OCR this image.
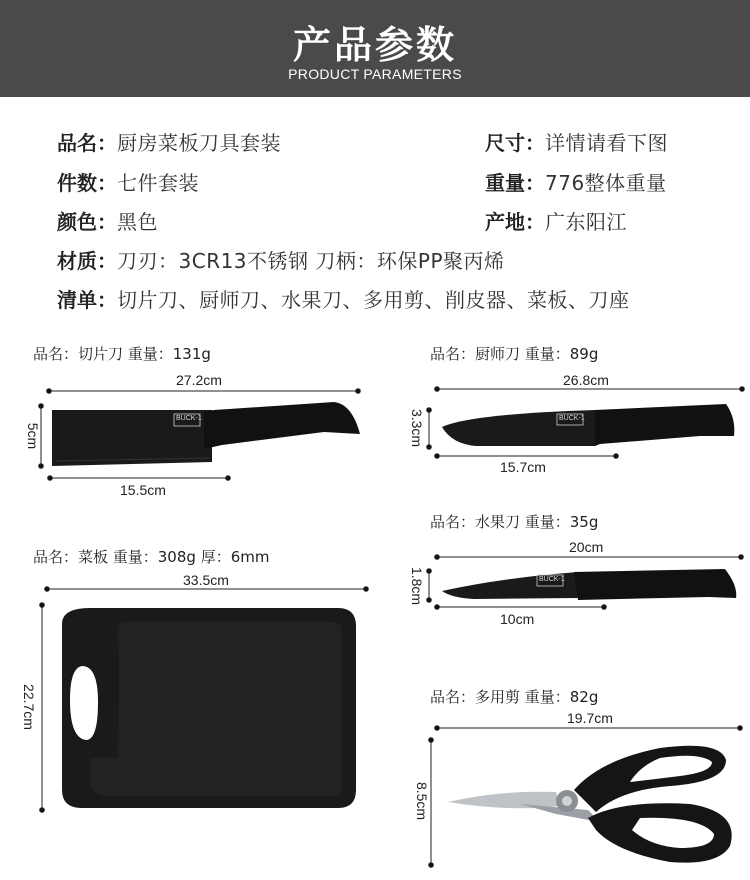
产品参数
PRODUCT PARAMETERS
品名：厨房菜板刀具套装	尺寸：详情请看下图
件数：七件套装	重量：776整体重量
颜色：黑色	产地：广东阳江
材质：刀刃：3CR13不锈钢 刀柄：环保PP聚丙烯
清单：切片刀、厨师刀、水果刀、多用剪、削皮器、菜板、刀座
BUCK-1	BUCK-1
BUCK-1
品名：切片刀 重量：131g	品名：厨师刀 重量：89g
品名：菜板 重量：308g 厚：6mm
品名：水果刀 重量：35g
品名：多用剪 重量：82g
27.2cm
5cm
15.5cm
26.8cm
3.3cm
15.7cm
33.5cm
22.7cm
20cm
1.8cm
10cm
19.7cm
8.5cm
